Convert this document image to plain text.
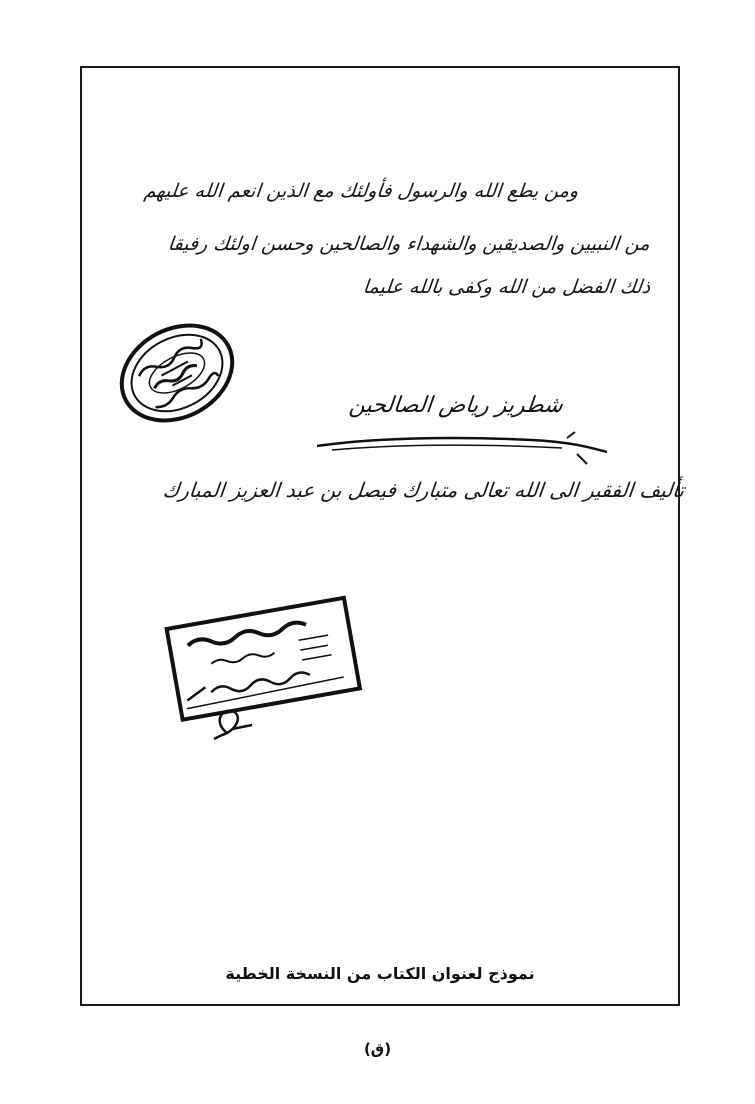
ومن يطع الله والرسول فأولئك مع الذين انعم الله عليهم
من النبيين والصديقين والشهداء والصالحين وحسن اولئك رفيقا
ذلك الفضل من الله وكفى بالله عليما
شطريز رياض الصالحين
تأليف الفقير الى الله تعالى متبارك فيصل بن عبد العزيز المبارك
نموذج لعنوان الكتاب من النسخة الخطية
(ق)
